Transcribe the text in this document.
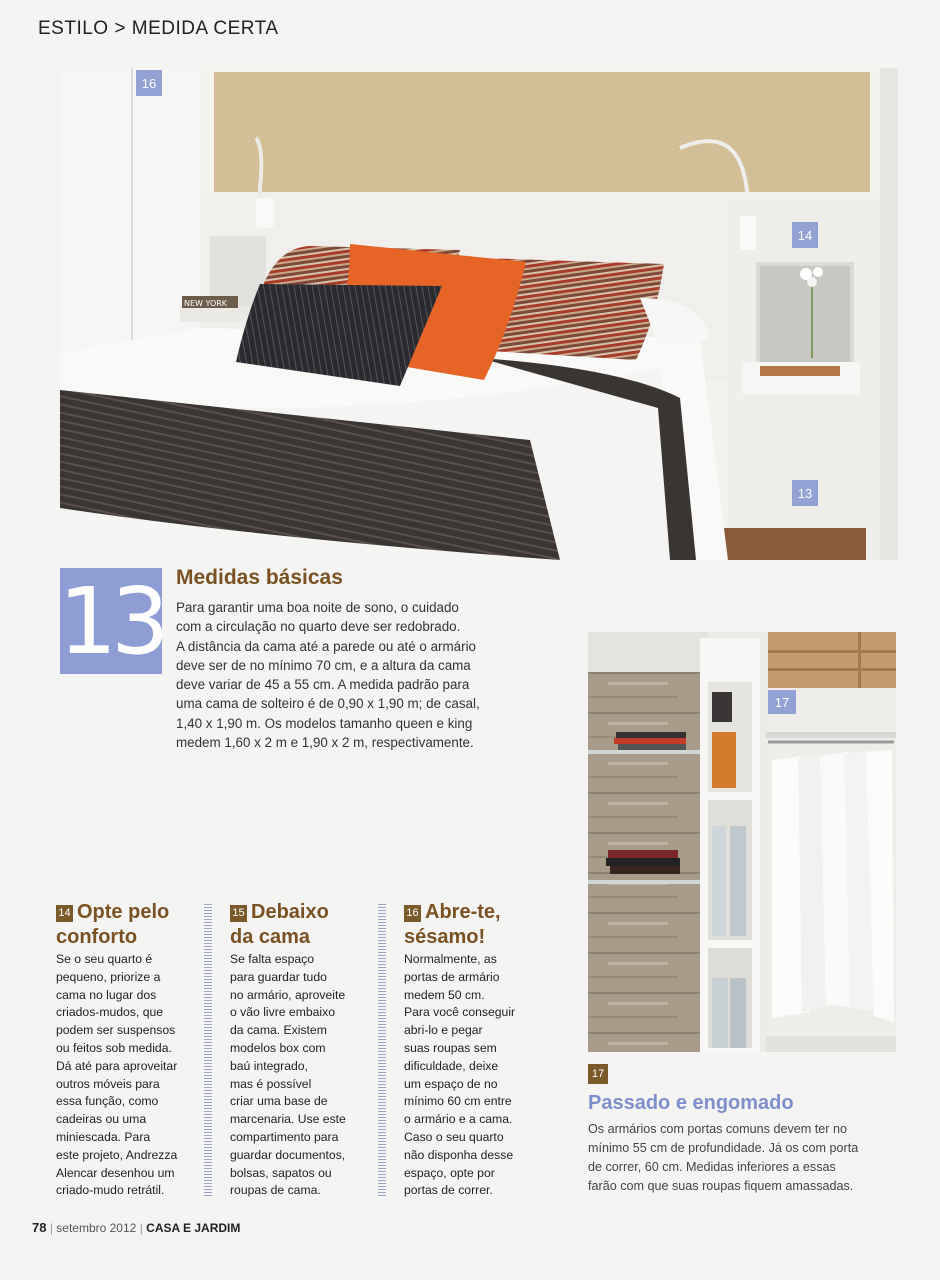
ESTILO > MEDIDA CERTA
NEW YORK
16
14
13
13 Medidas básicas
Para garantir uma boa noite de sono, o cuidado
com a circulação no quarto deve ser redobrado.
A distância da cama até a parede ou até o armário
deve ser de no mínimo 70 cm, e a altura da cama
deve variar de 45 a 55 cm. A medida padrão para
uma cama de solteiro é de 0,90 x 1,90 m; de casal,
1,40 x 1,90 m. Os modelos tamanho queen e king
medem 1,60 x 2 m e 1,90 x 2 m, respectivamente.
17
14 Opte pelo
conforto
Se o seu quarto é
pequeno, priorize a
cama no lugar dos
criados-mudos, que
podem ser suspensos
ou feitos sob medida.
Dá até para aproveitar
outros móveis para
essa função, como
cadeiras ou uma
miniescada. Para
este projeto, Andrezza
Alencar desenhou um
criado-mudo retrátil.
15 Debaixo
da cama
Se falta espaço
para guardar tudo
no armário, aproveite
o vão livre embaixo
da cama. Existem
modelos box com
baú integrado,
mas é possível
criar uma base de
marcenaria. Use este
compartimento para
guardar documentos,
bolsas, sapatos ou
roupas de cama.
16 Abre-te,
sésamo!
Normalmente, as
portas de armário
medem 50 cm.
Para você conseguir
abri-lo e pegar
suas roupas sem
dificuldade, deixe
um espaço de no
mínimo 60 cm entre
o armário e a cama.
Caso o seu quarto
não disponha desse
espaço, opte por
portas de correr.
17
Passado e engomado
Os armários com portas comuns devem ter no
mínimo 55 cm de profundidade. Já os com porta
de correr, 60 cm. Medidas inferiores a essas
farão com que suas roupas fiquem amassadas.
78 | setembro 2012 | CASA E JARDIM
